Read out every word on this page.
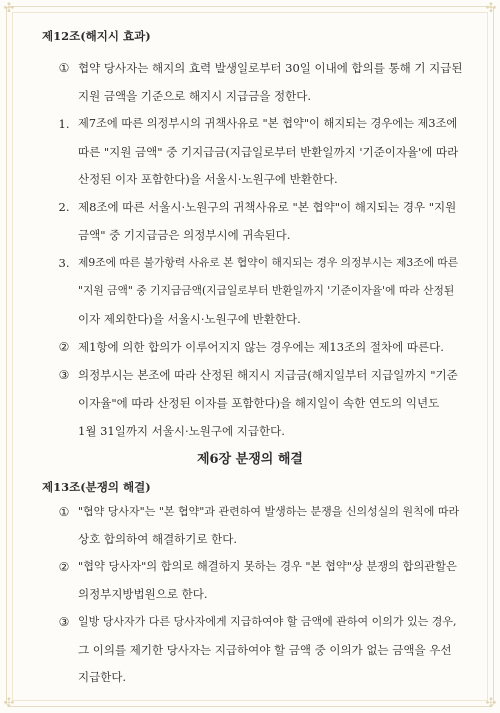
✣	✣
✣	✣
제12조(해지시 효과)
① 협약 당사자는 해지의 효력 발생일로부터 30일 이내에 합의를 통해 기 지급된
지원 금액을 기준으로 해지시 지급금을 정한다.
1. 제7조에 따른 의정부시의 귀책사유로 "본 협약"이 해지되는 경우에는 제3조에
따른 "지원 금액" 중 기지급금(지급일로부터 반환일까지 '기준이자율'에 따라
산정된 이자 포함한다)을 서울시·노원구에 반환한다.
2. 제8조에 따른 서울시·노원구의 귀책사유로 "본 협약"이 해지되는 경우 "지원
금액" 중 기지급금은 의정부시에 귀속된다.
3. 제9조에 따른 불가항력 사유로 본 협약이 해지되는 경우 의정부시는 제3조에 따른
"지원 금액" 중 기지급금액(지급일로부터 반환일까지 '기준이자율'에 따라 산정된
이자 제외한다)을 서울시·노원구에 반환한다.
② 제1항에 의한 합의가 이루어지지 않는 경우에는 제13조의 절차에 따른다.
③ 의정부시는 본조에 따라 산정된 해지시 지급금(해지일부터 지급일까지 "기준
이자율"에 따라 산정된 이자를 포함한다)을 해지일이 속한 연도의 익년도
1월 31일까지 서울시·노원구에 지급한다.
제6장 분쟁의 해결
제13조(분쟁의 해결)
① "협약 당사자"는 "본 협약"과 관련하여 발생하는 분쟁을 신의성실의 원칙에 따라
상호 합의하여 해결하기로 한다.
② "협약 당사자"의 합의로 해결하지 못하는 경우 "본 협약"상 분쟁의 합의관할은
의정부지방법원으로 한다.
③ 일방 당사자가 다른 당사자에게 지급하여야 할 금액에 관하여 이의가 있는 경우,
그 이의를 제기한 당사자는 지급하여야 할 금액 중 이의가 없는 금액을 우선
지급한다.
